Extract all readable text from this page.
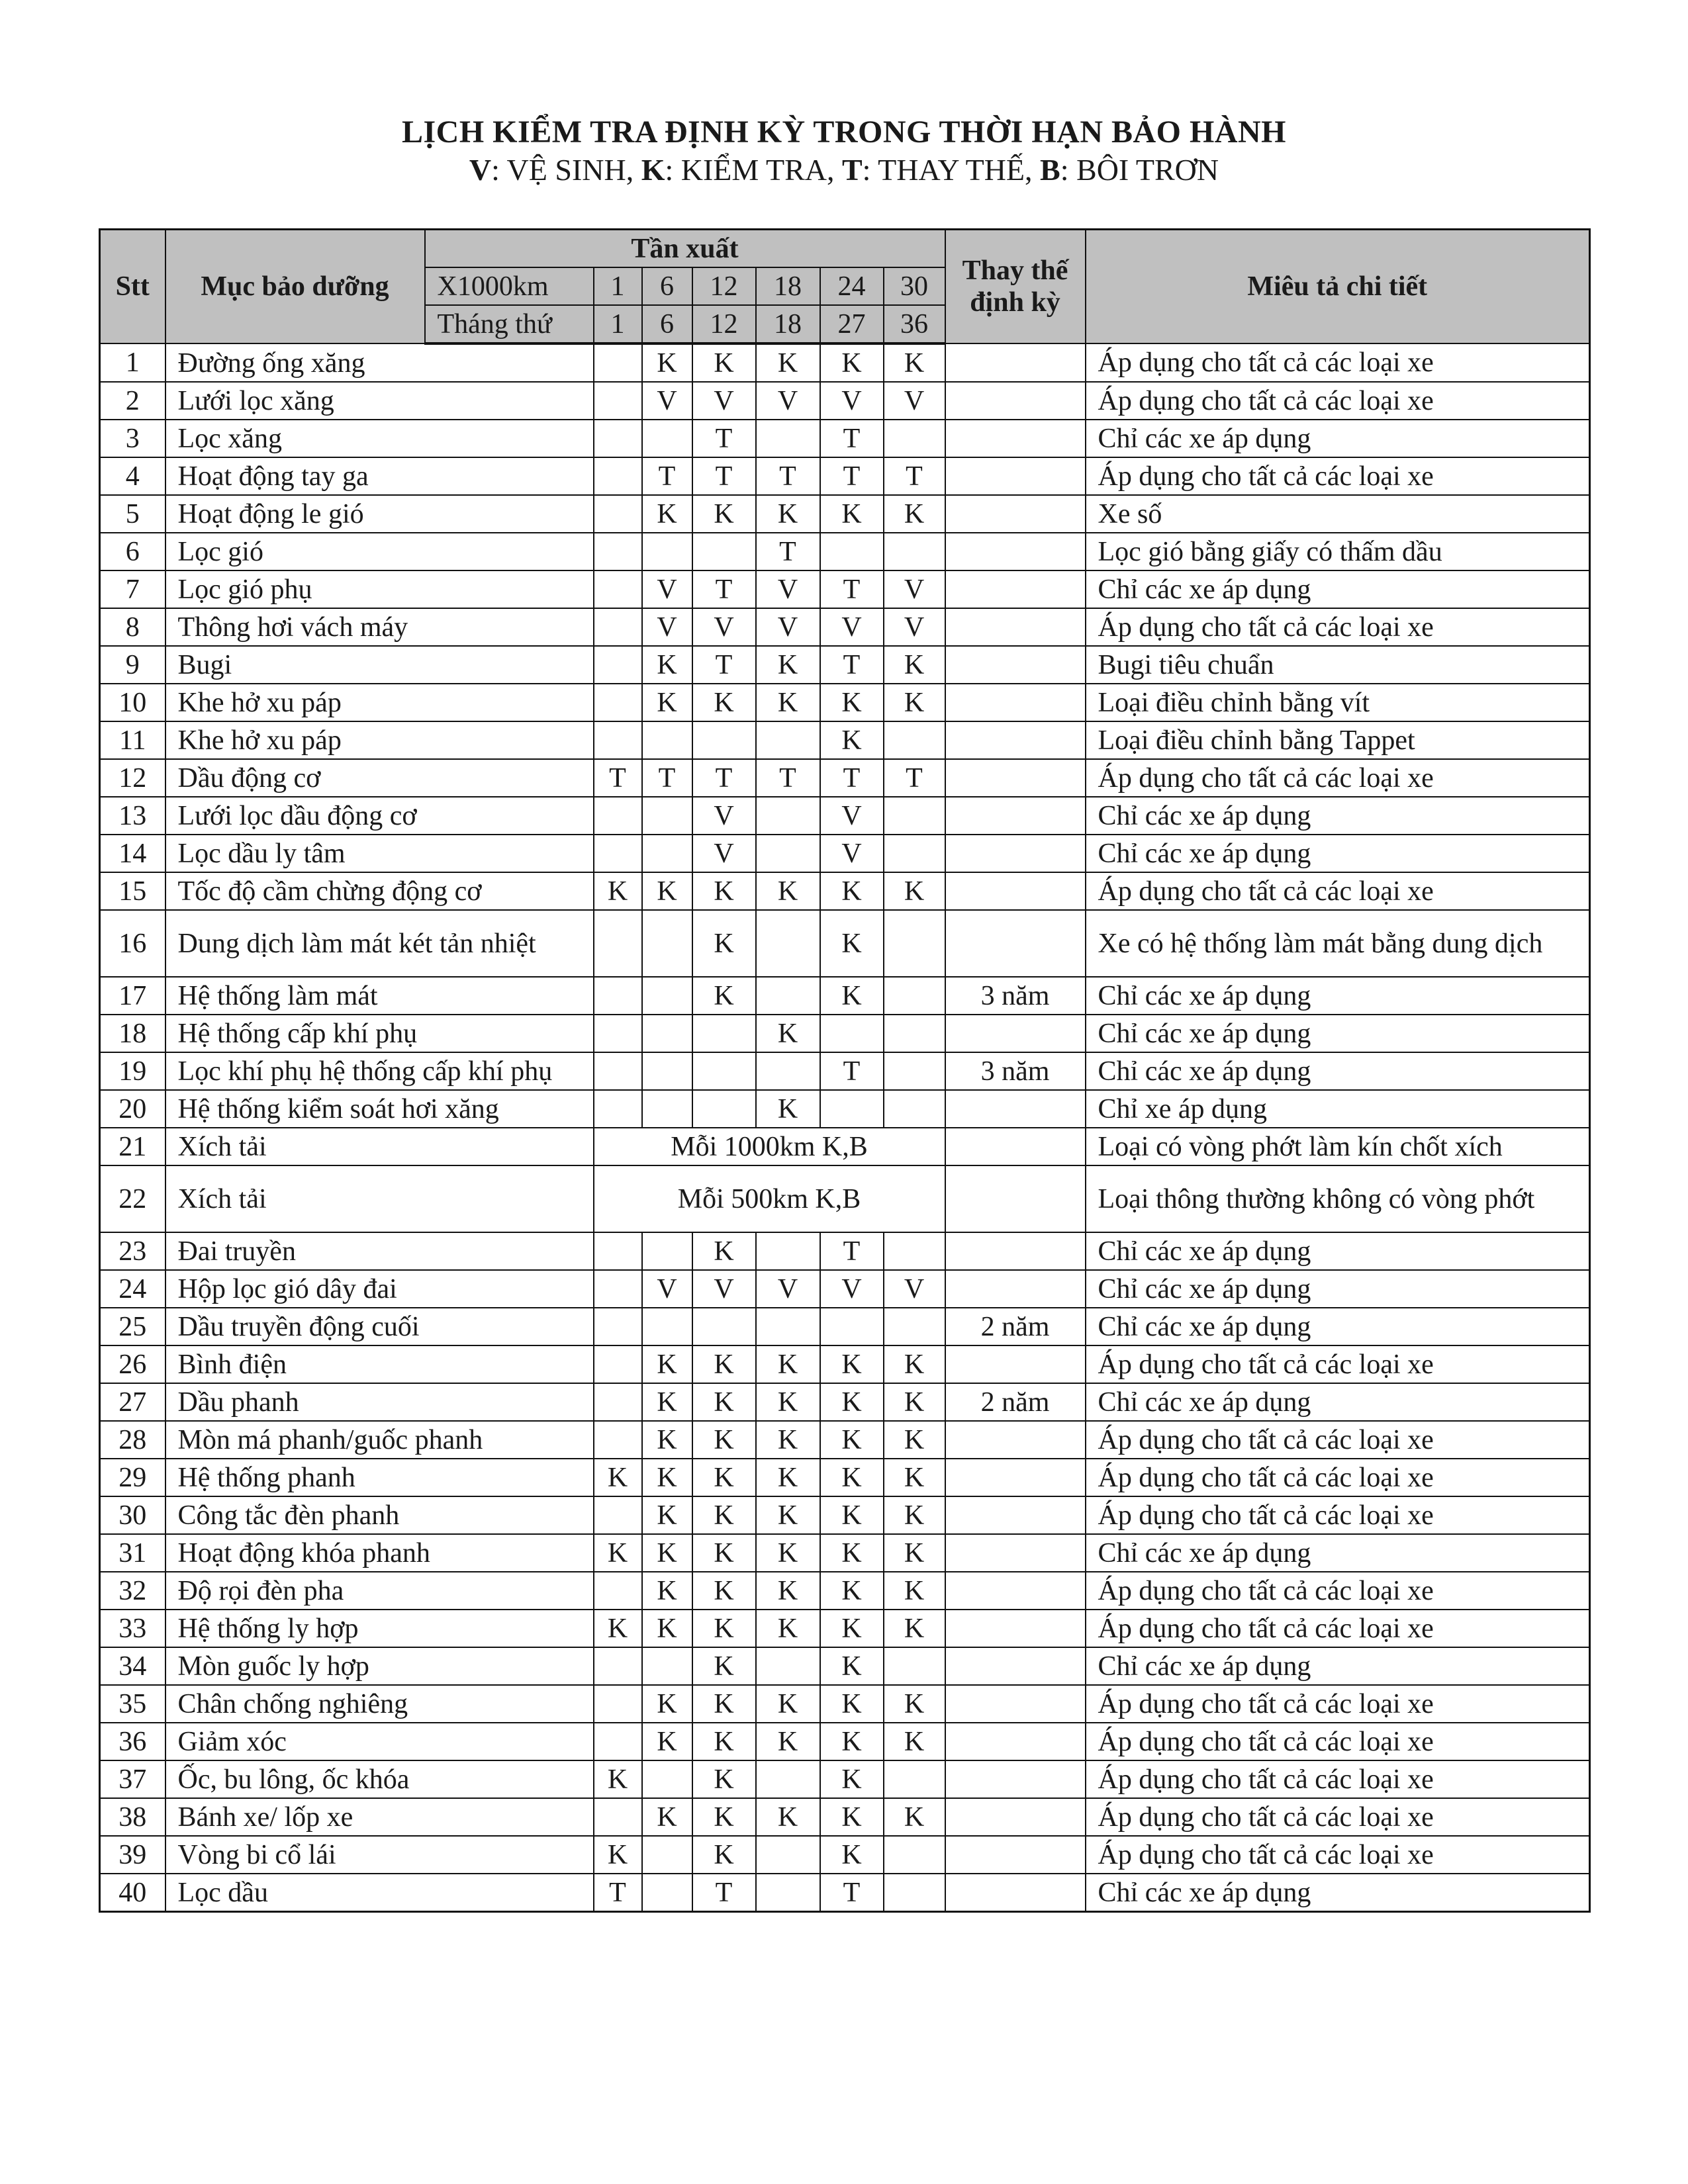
LỊCH KIỂM TRA ĐỊNH KỲ TRONG THỜI HẠN BẢO HÀNH
V: VỆ SINH, K: KIỂM TRA, T: THAY THẾ, B: BÔI TRƠN
Stt	Mục bảo dưỡng	Tần xuất							Thay thế định kỳ	Miêu tả chi tiết
		X1000km	1	6	12	18	24	30		
		Tháng thứ	1	6	12	18	27	36		
1	Đường ống xăng			K	K	K	K	K		Áp dụng cho tất cả các loại xe
2	Lưới lọc xăng			V	V	V	V	V		Áp dụng cho tất cả các loại xe
3	Lọc xăng				T		T			Chỉ các xe áp dụng
4	Hoạt động tay ga			T	T	T	T	T		Áp dụng cho tất cả các loại xe
5	Hoạt động le gió			K	K	K	K	K		Xe số
6	Lọc gió					T				Lọc gió bằng giấy có thấm dầu
7	Lọc gió phụ			V	T	V	T	V		Chỉ các xe áp dụng
8	Thông hơi vách máy			V	V	V	V	V		Áp dụng cho tất cả các loại xe
9	Bugi			K	T	K	T	K		Bugi tiêu chuẩn
10	Khe hở xu páp			K	K	K	K	K		Loại điều chỉnh bằng vít
11	Khe hở xu páp						K			Loại điều chỉnh bằng Tappet
12	Dầu động cơ		T	T	T	T	T	T		Áp dụng cho tất cả các loại xe
13	Lưới lọc dầu động cơ				V		V			Chỉ các xe áp dụng
14	Lọc dầu ly tâm				V		V			Chỉ các xe áp dụng
15	Tốc độ cầm chừng động cơ		K	K	K	K	K	K		Áp dụng cho tất cả các loại xe
16	Dung dịch làm mát két tản nhiệt				K		K			Xe có hệ thống làm mát bằng dung dịch
17	Hệ thống làm mát				K		K		3 năm	Chỉ các xe áp dụng
18	Hệ thống cấp khí phụ					K				Chỉ các xe áp dụng
19	Lọc khí phụ hệ thống cấp khí phụ						T		3 năm	Chỉ các xe áp dụng
20	Hệ thống kiểm soát hơi xăng					K				Chỉ xe áp dụng
21	Xích tải		Mỗi 1000km K,B							Loại có vòng phớt làm kín chốt xích
22	Xích tải		Mỗi 500km K,B							Loại thông thường không có vòng phớt
23	Đai truyền				K		T			Chỉ các xe áp dụng
24	Hộp lọc gió dây đai			V	V	V	V	V		Chỉ các xe áp dụng
25	Dầu truyền động cuối								2 năm	Chỉ các xe áp dụng
26	Bình điện			K	K	K	K	K		Áp dụng cho tất cả các loại xe
27	Dầu phanh			K	K	K	K	K	2 năm	Chỉ các xe áp dụng
28	Mòn má phanh/guốc phanh			K	K	K	K	K		Áp dụng cho tất cả các loại xe
29	Hệ thống phanh		K	K	K	K	K	K		Áp dụng cho tất cả các loại xe
30	Công tắc đèn phanh			K	K	K	K	K		Áp dụng cho tất cả các loại xe
31	Hoạt động khóa phanh		K	K	K	K	K	K		Chỉ các xe áp dụng
32	Độ rọi đèn pha			K	K	K	K	K		Áp dụng cho tất cả các loại xe
33	Hệ thống ly hợp		K	K	K	K	K	K		Áp dụng cho tất cả các loại xe
34	Mòn guốc ly hợp				K		K			Chỉ các xe áp dụng
35	Chân chống nghiêng			K	K	K	K	K		Áp dụng cho tất cả các loại xe
36	Giảm xóc			K	K	K	K	K		Áp dụng cho tất cả các loại xe
37	Ốc, bu lông, ốc khóa		K		K		K			Áp dụng cho tất cả các loại xe
38	Bánh xe/ lốp xe			K	K	K	K	K		Áp dụng cho tất cả các loại xe
39	Vòng bi cổ lái		K		K		K			Áp dụng cho tất cả các loại xe
40	Lọc dầu		T		T		T			Chỉ các xe áp dụng
